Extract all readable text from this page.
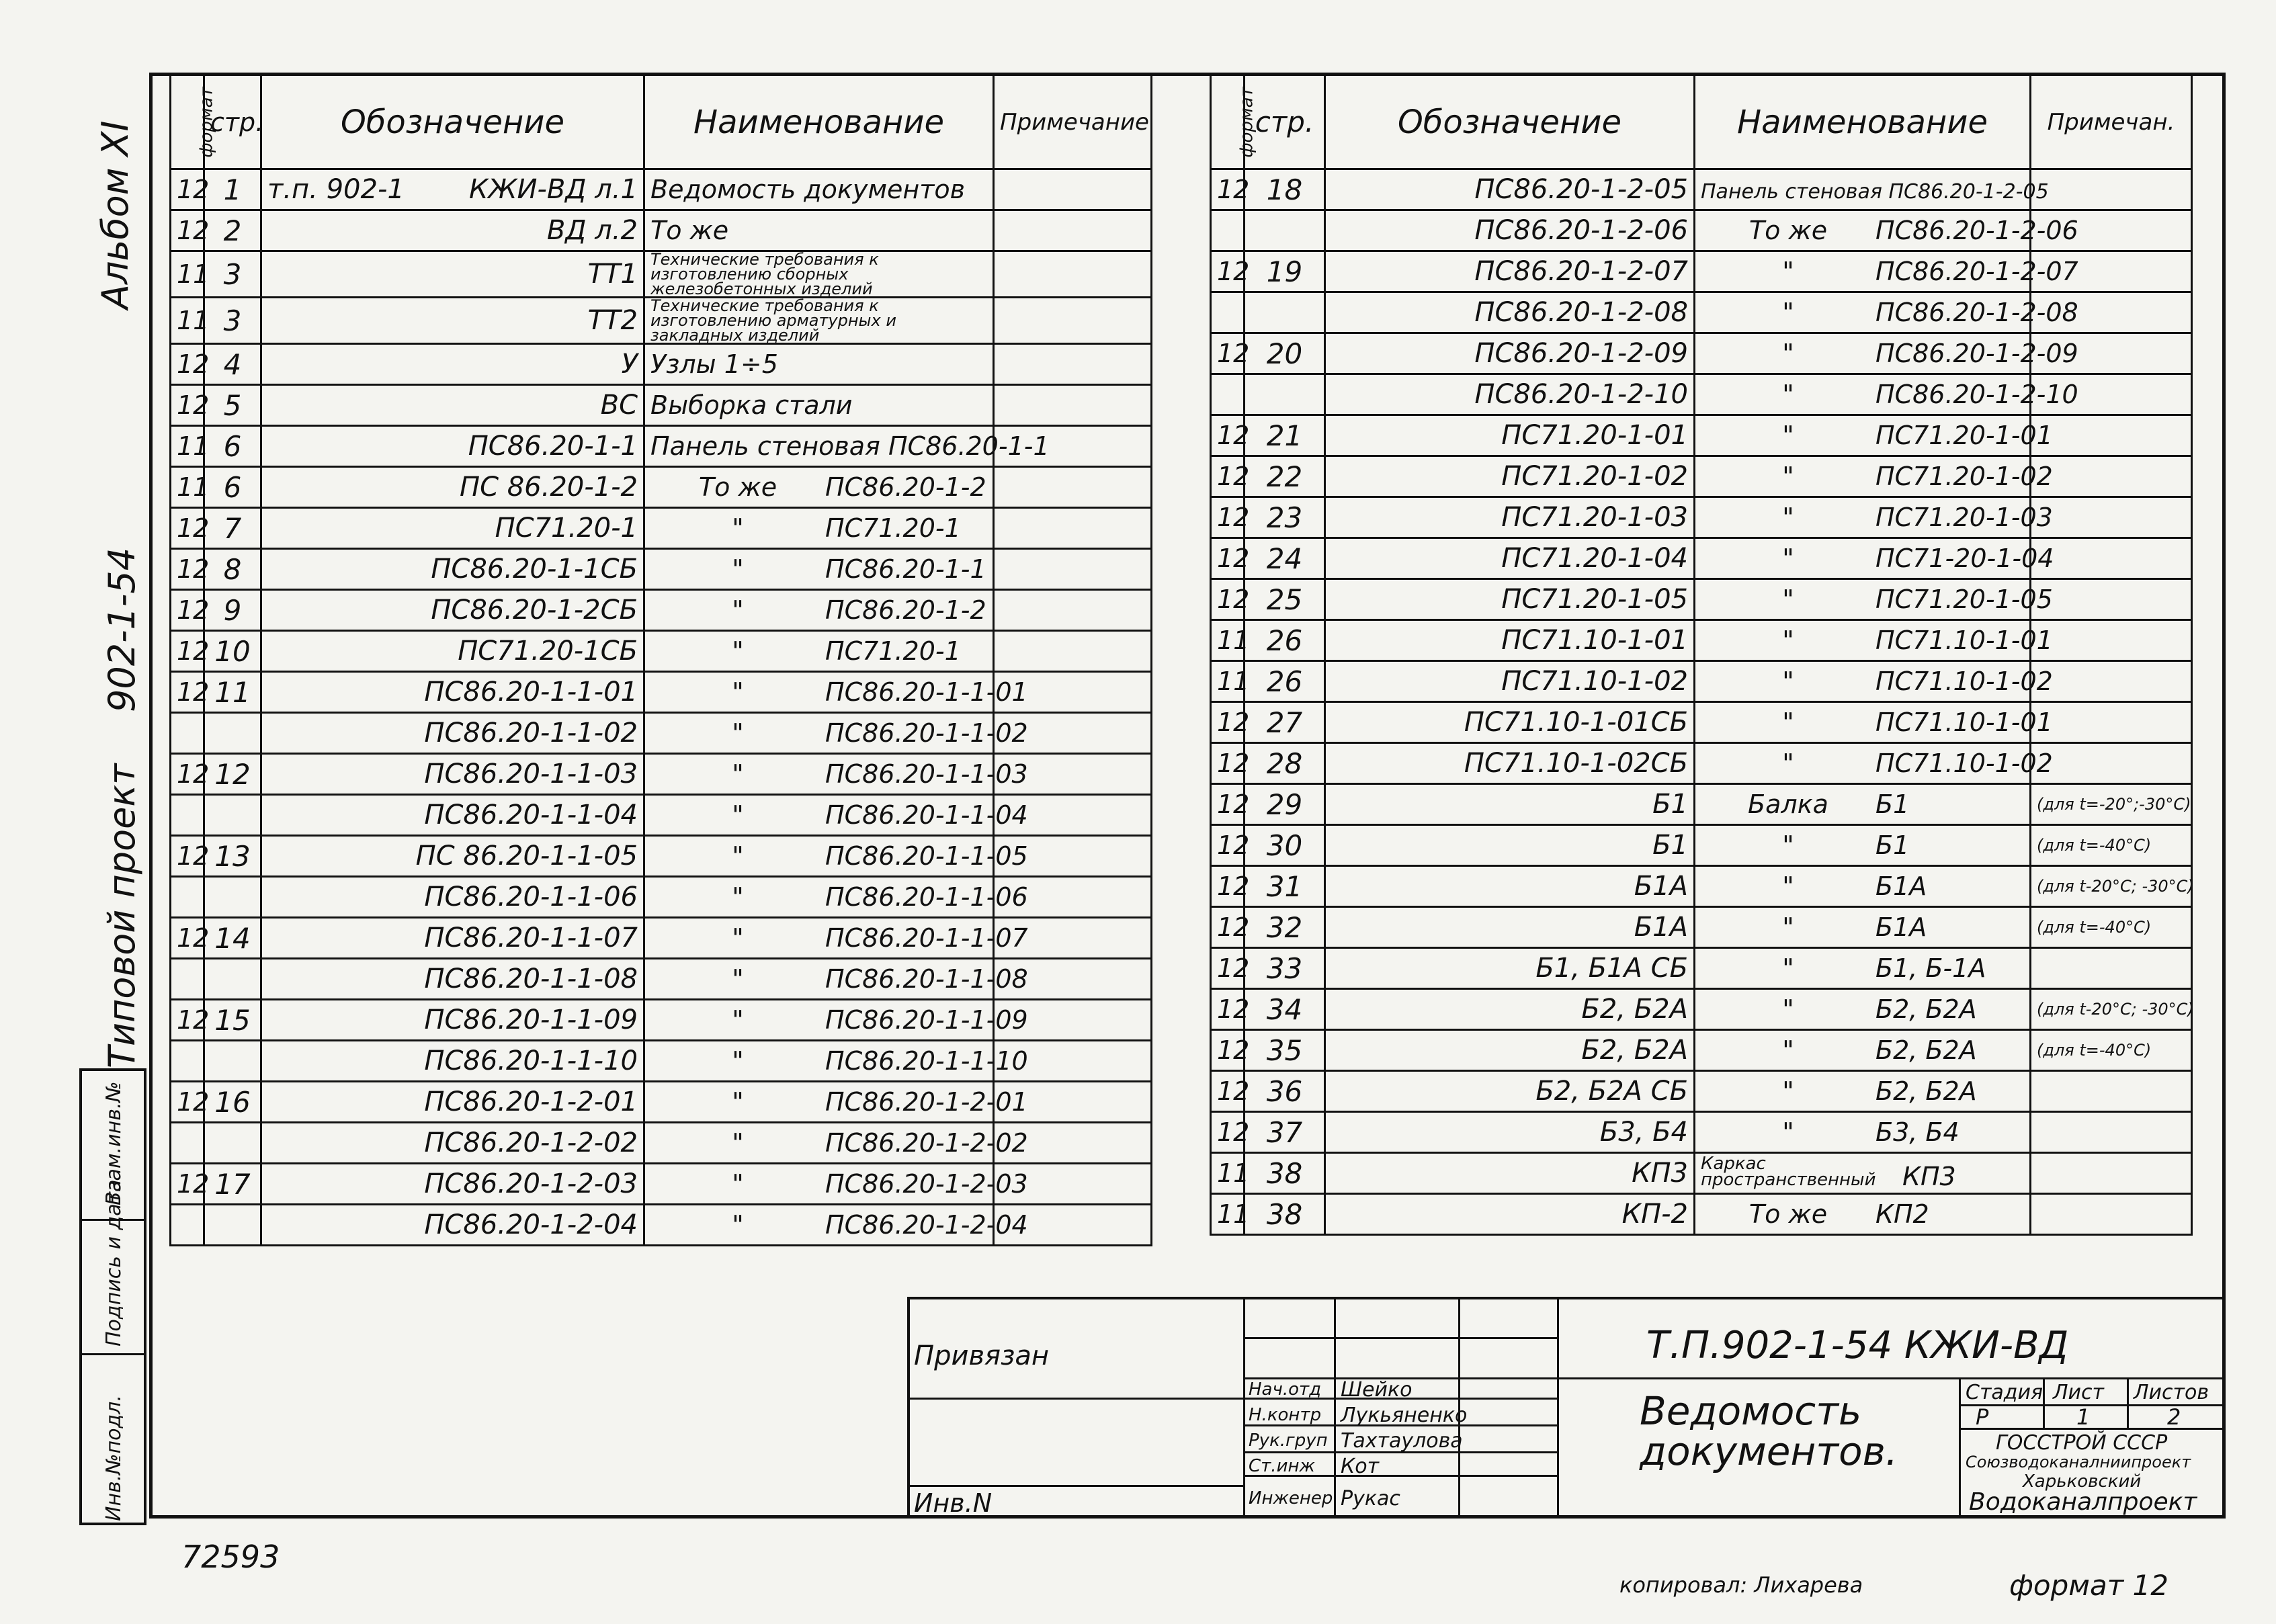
Альбом XI
902-1-54
Типовой проект
Взам.инв.№
Подпись и дата
Инв.№подл.
формат	стр.	Обозначение	Наименование	Примечание
12	1	т.п. 902-1 КЖИ-ВД л.1	Ведомость документов	
12	2	ВД л.2	То же	
11	3	ТТ1	Технические требования к изготовлению сборных железобетонных изделий	

11	3	ТТ2	Технические требования к изготовлению арматурных и закладных изделий	

12	4	У	Узлы 1÷5	
12	5	ВС	Выборка стали	
11	6	ПС86.20-1-1	Панель стеновая ПС86.20-1-1	
11	6	ПС 86.20-1-2	То же ПС86.20-1-2	
12	7	ПС71.20-1	" ПС71.20-1	
12	8	ПС86.20-1-1СБ	" ПС86.20-1-1	
12	9	ПС86.20-1-2СБ	" ПС86.20-1-2	
12	10	ПС71.20-1СБ	" ПС71.20-1	
12	11	ПС86.20-1-1-01	" ПС86.20-1-1-01	
		ПС86.20-1-1-02	" ПС86.20-1-1-02	
12	12	ПС86.20-1-1-03	" ПС86.20-1-1-03	
		ПС86.20-1-1-04	" ПС86.20-1-1-04	
12	13	ПС 86.20-1-1-05	" ПС86.20-1-1-05	
		ПС86.20-1-1-06	" ПС86.20-1-1-06	
12	14	ПС86.20-1-1-07	" ПС86.20-1-1-07	
		ПС86.20-1-1-08	" ПС86.20-1-1-08	
12	15	ПС86.20-1-1-09	" ПС86.20-1-1-09	
		ПС86.20-1-1-10	" ПС86.20-1-1-10	
12	16	ПС86.20-1-2-01	" ПС86.20-1-2-01	
		ПС86.20-1-2-02	" ПС86.20-1-2-02	
12	17	ПС86.20-1-2-03	" ПС86.20-1-2-03	
		ПС86.20-1-2-04	" ПС86.20-1-2-04	
формат	стр.	Обозначение	Наименование	Примечан.
12	18	ПС86.20-1-2-05	Панель стеновая ПС86.20-1-2-05	
		ПС86.20-1-2-06	То же ПС86.20-1-2-06	
12	19	ПС86.20-1-2-07	" ПС86.20-1-2-07	
		ПС86.20-1-2-08	" ПС86.20-1-2-08	
12	20	ПС86.20-1-2-09	" ПС86.20-1-2-09	
		ПС86.20-1-2-10	" ПС86.20-1-2-10	
12	21	ПС71.20-1-01	" ПС71.20-1-01	
12	22	ПС71.20-1-02	" ПС71.20-1-02	
12	23	ПС71.20-1-03	" ПС71.20-1-03	
12	24	ПС71.20-1-04	" ПС71-20-1-04	
12	25	ПС71.20-1-05	" ПС71.20-1-05	
11	26	ПС71.10-1-01	" ПС71.10-1-01	
11	26	ПС71.10-1-02	" ПС71.10-1-02	
12	27	ПС71.10-1-01СБ	" ПС71.10-1-01	
12	28	ПС71.10-1-02СБ	" ПС71.10-1-02	
12	29	Б1	Балка Б1	(для t=-20°;-30°С)
12	30	Б1	" Б1	(для t=-40°С)
12	31	Б1А	" Б1А	(для t-20°С; -30°С)
12	32	Б1А	" Б1А	(для t=-40°С)
12	33	Б1, Б1А СБ	" Б1, Б-1А	
12	34	Б2, Б2А	" Б2, Б2А	(для t-20°С; -30°С)
12	35	Б2, Б2А	" Б2, Б2А	(для t=-40°С)
12	36	Б2, Б2А СБ	" Б2, Б2А	
12	37	Б3, Б4	" Б3, Б4	
11	38	КП3	Каркас пространственный КП3	
11	38	КП-2	То же КП2	
Привязан
Инв.N
Нач.отд Шейко
Н.контр Лукьяненко
Рук.груп Тахтаулова
Ст.инж Кот
Инженер Рукас
Т.П.902-1-54 КЖИ-ВД
Ведомость документов.
Стадия Лист Листов
Р	1	2
ГОССТРОЙ СССР
Союзводоканалниипроект
Харьковский
Водоканалпроект
72593
копировал: Лихарева	формат 12
